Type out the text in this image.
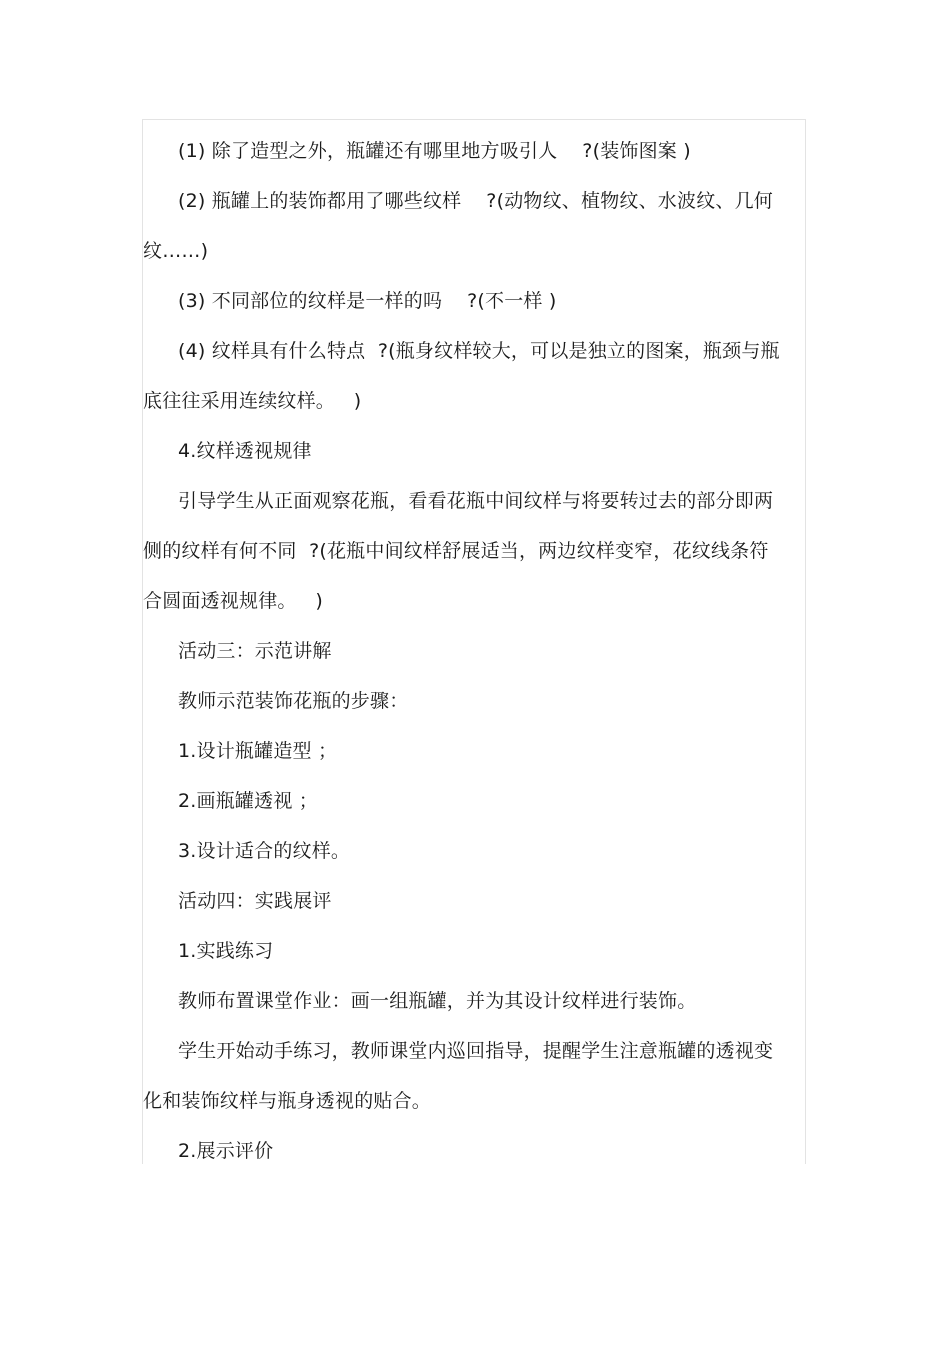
(1) 除了造型之外，瓶罐还有哪里地方吸引人    ?(装饰图案 )

(2) 瓶罐上的装饰都用了哪些纹样    ?(动物纹、植物纹、水波纹、几何纹……)

(3) 不同部位的纹样是一样的吗    ?(不一样 )

(4) 纹样具有什么特点  ?(瓶身纹样较大，可以是独立的图案，瓶颈与瓶底往往采用连续纹样。   )

4.纹样透视规律

引导学生从正面观察花瓶，看看花瓶中间纹样与将要转过去的部分即两侧的纹样有何不同  ?(花瓶中间纹样舒展适当，两边纹样变窄，花纹线条符合圆面透视规律。   )

活动三：示范讲解

教师示范装饰花瓶的步骤：

1.设计瓶罐造型 ；

2.画瓶罐透视 ；

3.设计适合的纹样。

活动四：实践展评

1.实践练习

教师布置课堂作业：画一组瓶罐，并为其设计纹样进行装饰。

学生开始动手练习，教师课堂内巡回指导，提醒学生注意瓶罐的透视变化和装饰纹样与瓶身透视的贴合。

2.展示评价
